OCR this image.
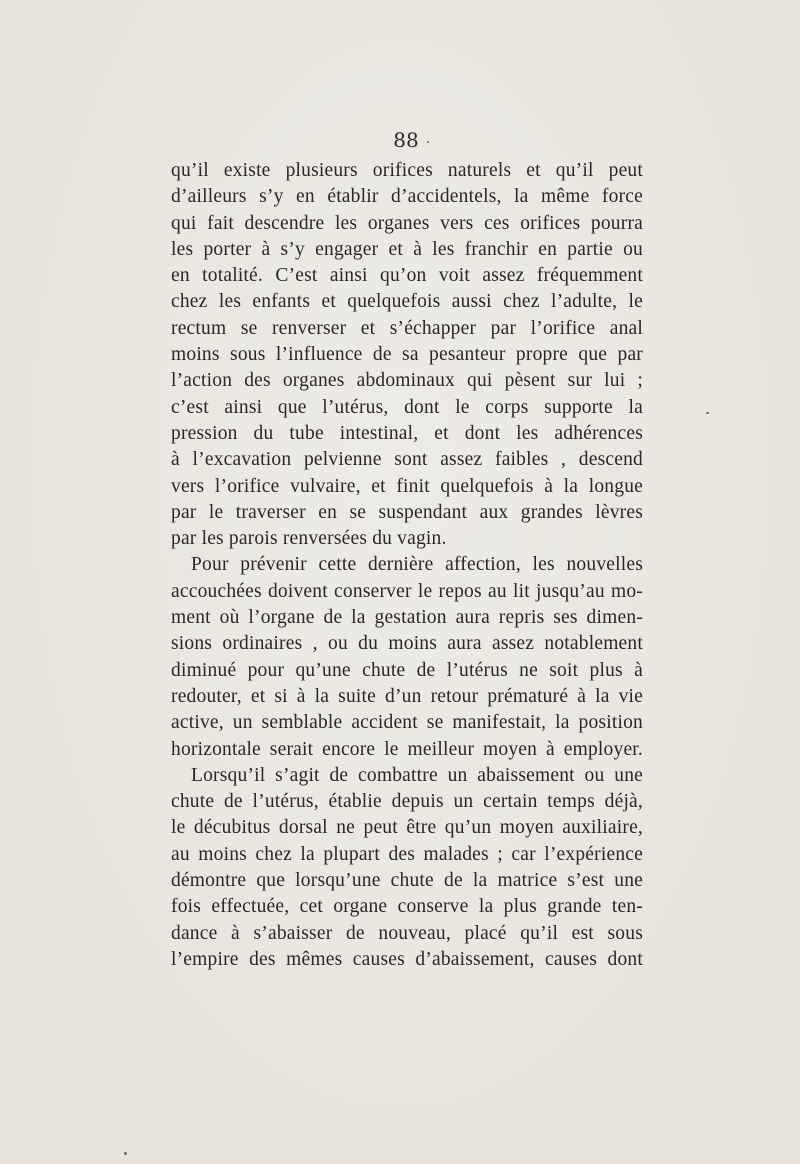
88
qu’il existe plusieurs orifices naturels et qu’il peut
d’ailleurs s’y en établir d’accidentels, la même force
qui fait descendre les organes vers ces orifices pourra
les porter à s’y engager et à les franchir en partie ou
en totalité. C’est ainsi qu’on voit assez fréquemment
chez les enfants et quelquefois aussi chez l’adulte, le
rectum se renverser et s’échapper par l’orifice anal
moins sous l’influence de sa pesanteur propre que par
l’action des organes abdominaux qui pèsent sur lui ;
c’est ainsi que l’utérus, dont le corps supporte la
pression du tube intestinal, et dont les adhérences
à l’excavation pelvienne sont assez faibles , descend
vers l’orifice vulvaire, et finit quelquefois à la longue
par le traverser en se suspendant aux grandes lèvres
par les parois renversées du vagin.
Pour prévenir cette dernière affection, les nouvelles
accouchées doivent conserver le repos au lit jusqu’au mo-
ment où l’organe de la gestation aura repris ses dimen-
sions ordinaires , ou du moins aura assez notablement
diminué pour qu’une chute de l’utérus ne soit plus à
redouter, et si à la suite d’un retour prématuré à la vie
active, un semblable accident se manifestait, la position
horizontale serait encore le meilleur moyen à employer.
Lorsqu’il s’agit de combattre un abaissement ou une
chute de l’utérus, établie depuis un certain temps déjà,
le décubitus dorsal ne peut être qu’un moyen auxiliaire,
au moins chez la plupart des malades ; car l’expérience
démontre que lorsqu’une chute de la matrice s’est une
fois effectuée, cet organe conserve la plus grande ten-
dance à s’abaisser de nouveau, placé qu’il est sous
l’empire des mêmes causes d’abaissement, causes dont
